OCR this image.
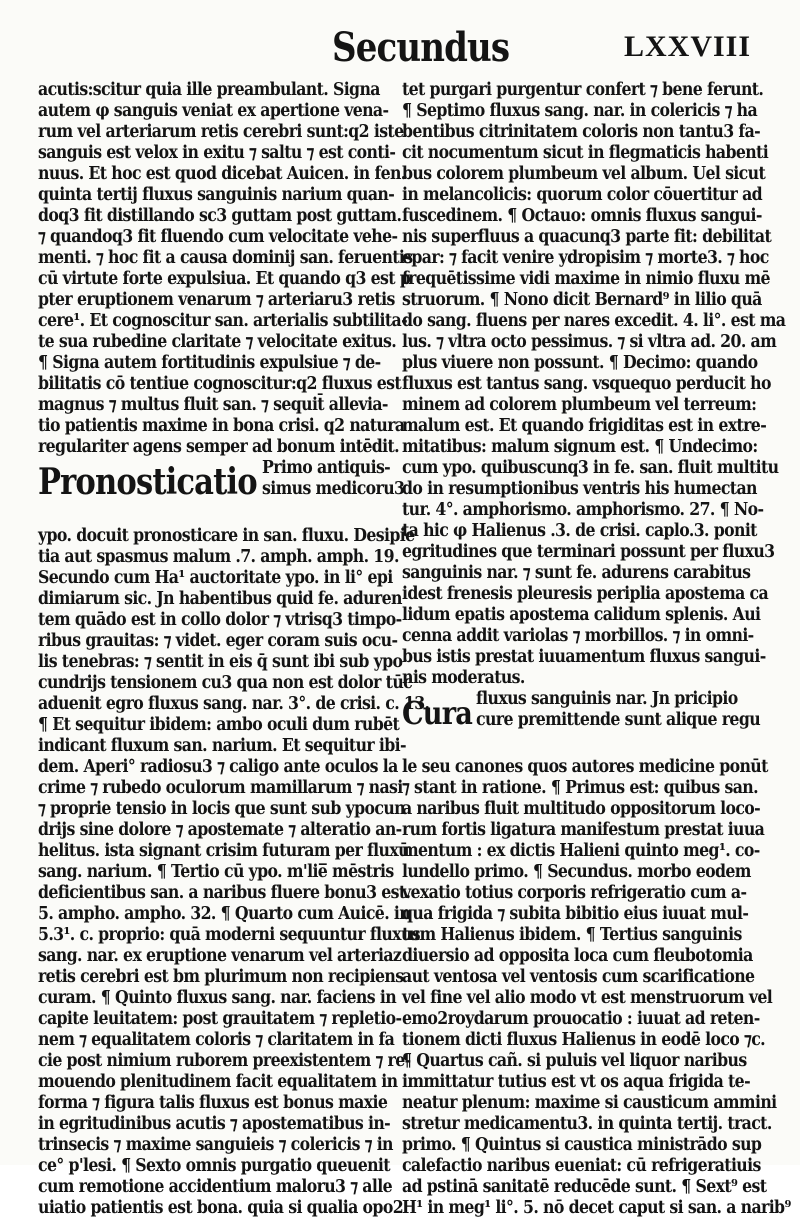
Secundus	LXXVIII
acutis:scitur quia ille preambulant. Signa
autem φ sanguis veniat ex apertione vena-
rum vel arteriarum retis cerebri sunt:q2 iste
sanguis est velox in exitu ⁊ saltu ⁊ est conti-
nuus. Et hoc est quod dicebat Auicen. in fen.
quinta tertij fluxus sanguinis narium quan-
doq3 fit distillando sc3 guttam post guttam.
⁊ quandoq3 fit fluendo cum velocitate vehe-
menti. ⁊ hoc fit a causa dominij san. feruentis
cū virtute forte expulsiua. Et quando q3 est p
pter eruptionem venarum ⁊ arteriaru3 retis
cere¹. Et cognoscitur san. arterialis subtilita-
te sua rubedine claritate ⁊ velocitate exitus.
¶ Signa autem fortitudinis expulsiue ⁊ de-
bilitatis cō tentiue cognoscitur:q2 fluxus est
magnus ⁊ multus fluit san. ⁊ sequit̄ allevia-
tio patientis maxime in bona crisi. q2 natura
regulariter agens semper ad bonum intēdit.
Pronosticatio Primo antiquis-
simus medicoru3
ypo. docuit pronosticare in san. fluxu. Desipie
tia aut spasmus malum .7. amph. amph. 19.
Secundo cum Ha¹ auctoritate ypo. in li° epi
dimiarum sic. Jn habentibus quid fe. aduren
tem quādo est in collo dolor ⁊ vtrisq3 timpo-
ribus grauitas: ⁊ videt. eger coram suis ocu-
lis tenebras: ⁊ sentit in eis q̄ sunt ibi sub ypo
cundrijs tensionem cu3 qua non est dolor tūc
aduenit egro fluxus sang. nar. 3°. de crisi. c. 13.
¶ Et sequitur ibidem: ambo oculi dum rubēt
indicant fluxum san. narium. Et sequitur ibi-
dem. Aperi° radiosu3 ⁊ caligo ante oculos la
crime ⁊ rubedo oculorum mamillarum ⁊ nasi
⁊ proprie tensio in locis que sunt sub ypocun
drijs sine dolore ⁊ apostemate ⁊ alteratio an-
helitus. ista signant crisim futuram per fluxū
sang. narium. ¶ Tertio cū ypo. m'lie̅ mēstris
deficientibus san. a naribus fluere bonu3 est.
5. ampho. ampho. 32. ¶ Quarto cum Auicē. in
5.3¹. c. proprio: quā moderni sequuntur fluxus
sang. nar. ex eruptione venarum vel arteriaz
retis cerebri est bm plurimum non recipiens
curam. ¶ Quinto fluxus sang. nar. faciens in
capite leuitatem: post grauitatem ⁊ repletio-
nem ⁊ equalitatem coloris ⁊ claritatem in fa
cie post nimium ruborem preexistentem ⁊ re-
mouendo plenitudinem facit equalitatem in
forma ⁊ figura talis fluxus est bonus maxie
in egritudinibus acutis ⁊ apostematibus in-
trinsecis ⁊ maxime sanguieis ⁊ colericis ⁊ in
ce° p'lesi. ¶ Sexto omnis purgatio queuenit
cum remotione accidentium maloru3 ⁊ alle
uiatio patientis est bona. quia si qualia opo2
tet purgari purgentur confert ⁊ bene ferunt.
¶ Septimo fluxus sang. nar. in colericis ⁊ ha
bentibus citrinitatem coloris non tantu3 fa-
cit nocumentum sicut in flegmaticis habenti
bus colorem plumbeum vel album. Uel sicut
in melancolicis: quorum color cōuertitur ad
fuscedinem. ¶ Octauo: omnis fluxus sangui-
nis superfluus a quacunq3 parte fit: debilitat
epar: ⁊ facit venire ydropisim ⁊ morte3. ⁊ hoc
frequētissime vidi maxime in nimio fluxu mē
struorum. ¶ Nono dicit Bernard⁹ in lilio quā
do sang. fluens per nares excedit. 4. li°. est ma
lus. ⁊ vltra octo pessimus. ⁊ si vltra ad. 20. am
plus viuere non possunt. ¶ Decimo: quando
fluxus est tantus sang. vsquequo perducit ho
minem ad colorem plumbeum vel terreum:
malum est. Et quando frigiditas est in extre-
mitatibus: malum signum est. ¶ Undecimo:
cum ypo. quibuscunq3 in fe. san. fluit multitu
do in resumptionibus ventris his humectan
tur. 4°. amphorismo. amphorismo. 27. ¶ No-
ta hic φ Halienus .3. de crisi. caplo.3. ponit
egritudines que terminari possunt per fluxu3
sanguinis nar. ⁊ sunt fe. adurens carabitus
idest frenesis pleuresis periplia apostema ca
lidum epatis apostema calidum splenis. Aui
cenna addit variolas ⁊ morbillos. ⁊ in omni-
bus istis prestat iuuamentum fluxus sangui-
nis moderatus.
Cura fluxus sanguinis nar. Jn pricipio
cure premittende sunt alique regu
le seu canones quos autores medicine ponūt
⁊ stant in ratione. ¶ Primus est: quibus san.
a naribus fluit multitudo oppositorum loco-
rum fortis ligatura manifestum prestat iuua
mentum : ex dictis Halieni quinto meg¹. co-
lundello primo. ¶ Secundus. morbo eodem
vexatio totius corporis refrigeratio cum a-
qua frigida ⁊ subita bibitio eius iuuat mul-
tum Halienus ibidem. ¶ Tertius sanguinis
diuersio ad opposita loca cum fleubotomia
aut ventosa vel ventosis cum scarificatione
vel fine vel alio modo vt est menstruorum vel
emo2roydarum prouocatio : iuuat ad reten-
tionem dicti fluxus Halienus in eodē loco ⁊c.
¶ Quartus cañ. si puluis vel liquor naribus
immittatur tutius est vt os aqua frigida te-
neatur plenum: maxime si causticum ammini
stretur medicamentu3. in quinta tertij. tract.
primo. ¶ Quintus si caustica ministrādo sup
calefactio naribus eueniat: cū refrigeratiuis
ad pstinā sanitatē reducēde sunt. ¶ Sext⁹ est
H¹ in meg¹ li°. 5. nō decet caput si san. a narib⁹
